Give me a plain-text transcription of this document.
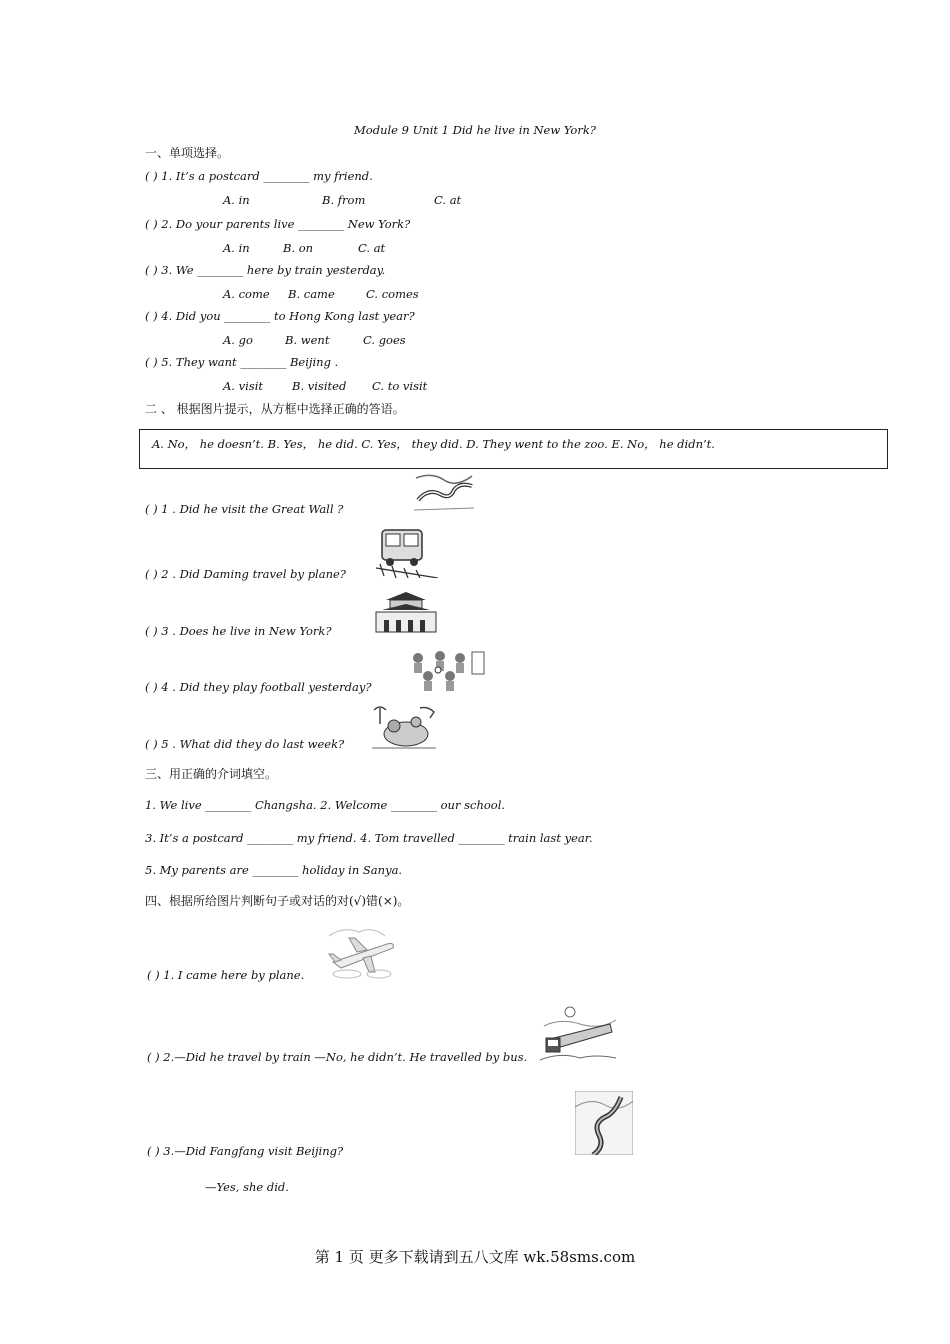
Module 9 Unit 1 Did he live in New York?
一、单项选择。
( ) 1. It’s a postcard ________ my friend.
A. in	B. from	C. at
( ) 2. Do your parents live ________ New York?
A. in	B. on	C. at
( ) 3. We ________ here by train yesterday.
A. come B. came	C. comes
( ) 4. Did you ________ to Hong Kong last year?
A. go	B. went	C. goes
( ) 5. They want ________ Beijing .
A. visit	B. visited C. to visit
二 、 根据图片提示，从方框中选择正确的答语。
A. No， he doesn’t. B. Yes， he did. C. Yes， they did. D. They went to the zoo. E. No， he didn’t.
( ) 1 . Did he visit the Great Wall ?
( ) 2 . Did Daming travel by plane?
( ) 3 . Does he live in New York?
( ) 4 . Did they play football yesterday?
( ) 5 . What did they do last week?
三、用正确的介词填空。
1. We live ________ Changsha. 2. Welcome ________ our school.
3. It’s a postcard ________ my friend. 4. Tom travelled ________ train last year.
5. My parents are ________ holiday in Sanya.
四、根据所给图片判断句子或对话的对(√)错(×)。
( ) 1. I came here by plane.
( ) 2.—Did he travel by train —No, he didn’t. He travelled by bus.
( ) 3.—Did Fangfang visit Beijing?
—Yes, she did.
第 1 页 更多下载请到五八文库 wk.58sms.com
